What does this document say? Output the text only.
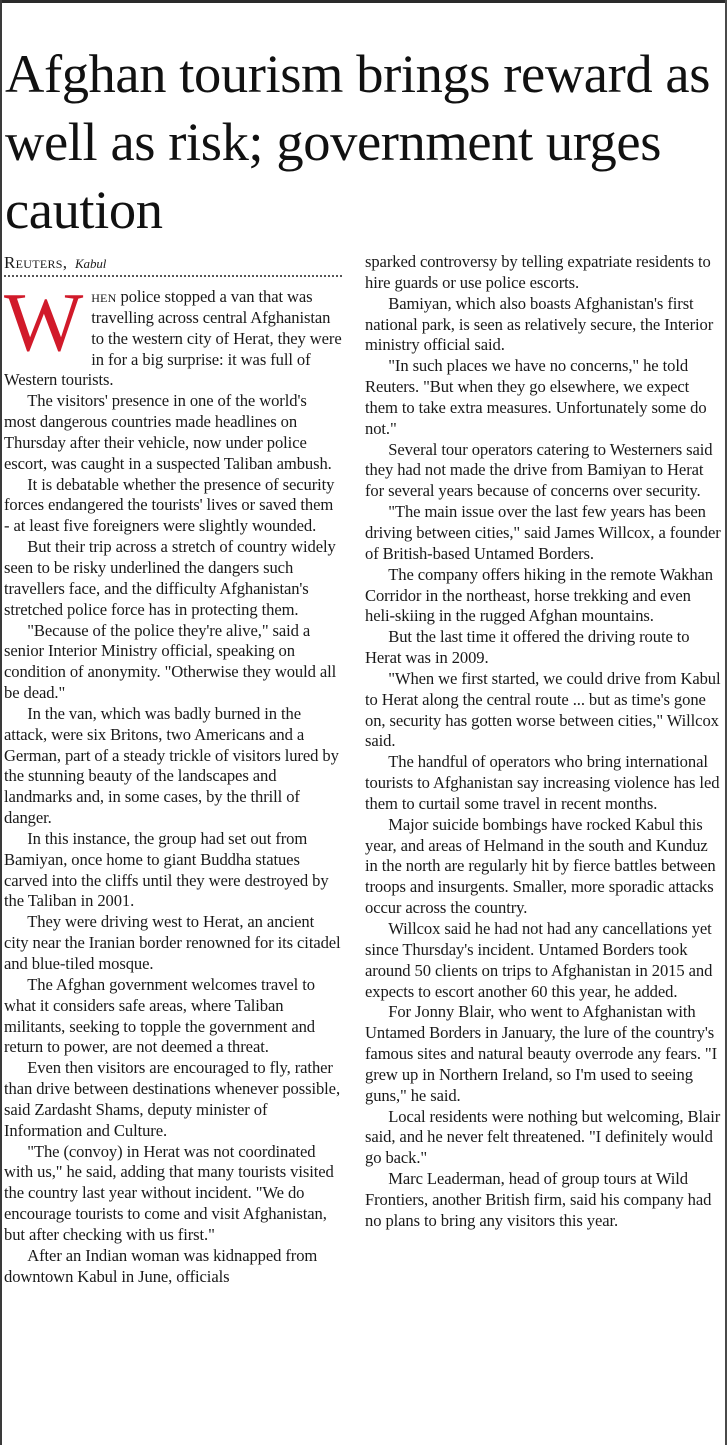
Afghan tourism brings reward as well as risk; government urges caution
Reuters, Kabul

When police stopped a van that was travelling across central Afghanistan to the western city of Herat, they were in for a big surprise: it was full of Western tourists.

The visitors' presence in one of the world's most dangerous countries made headlines on Thursday after their vehicle, now under police escort, was caught in a suspected Taliban ambush.

It is debatable whether the presence of security forces endangered the tourists' lives or saved them - at least five foreigners were slightly wounded.

But their trip across a stretch of country widely seen to be risky underlined the dangers such travellers face, and the difficulty Afghanistan's stretched police force has in protecting them.

"Because of the police they're alive," said a senior Interior Ministry official, speaking on condition of anonymity. "Otherwise they would all be dead."

In the van, which was badly burned in the attack, were six Britons, two Americans and a German, part of a steady trickle of visitors lured by the stunning beauty of the landscapes and landmarks and, in some cases, by the thrill of danger.

In this instance, the group had set out from Bamiyan, once home to giant Buddha statues carved into the cliffs until they were destroyed by the Taliban in 2001.

They were driving west to Herat, an ancient city near the Iranian border renowned for its citadel and blue-tiled mosque.

The Afghan government welcomes travel to what it considers safe areas, where Taliban militants, seeking to topple the government and return to power, are not deemed a threat.

Even then visitors are encouraged to fly, rather than drive between destinations whenever possible, said Zardasht Shams, deputy minister of Information and Culture.

"The (convoy) in Herat was not coordinated with us," he said, adding that many tourists visited the country last year without incident. "We do encourage tourists to come and visit Afghanistan, but after checking with us first."

After an Indian woman was kidnapped from downtown Kabul in June, officials

sparked controversy by telling expatriate residents to hire guards or use police escorts.

Bamiyan, which also boasts Afghanistan's first national park, is seen as relatively secure, the Interior ministry official said.

"In such places we have no concerns," he told Reuters. "But when they go elsewhere, we expect them to take extra measures. Unfortunately some do not."

Several tour operators catering to Westerners said they had not made the drive from Bamiyan to Herat for several years because of concerns over security.

"The main issue over the last few years has been driving between cities," said James Willcox, a founder of British-based Untamed Borders.

The company offers hiking in the remote Wakhan Corridor in the northeast, horse trekking and even heli-skiing in the rugged Afghan mountains.

But the last time it offered the driving route to Herat was in 2009.

"When we first started, we could drive from Kabul to Herat along the central route ... but as time's gone on, security has gotten worse between cities," Willcox said.

The handful of operators who bring international tourists to Afghanistan say increasing violence has led them to curtail some travel in recent months.

Major suicide bombings have rocked Kabul this year, and areas of Helmand in the south and Kunduz in the north are regularly hit by fierce battles between troops and insurgents. Smaller, more sporadic attacks occur across the country.

Willcox said he had not had any cancellations yet since Thursday's incident. Untamed Borders took around 50 clients on trips to Afghanistan in 2015 and expects to escort another 60 this year, he added.

For Jonny Blair, who went to Afghanistan with Untamed Borders in January, the lure of the country's famous sites and natural beauty overrode any fears. "I grew up in Northern Ireland, so I'm used to seeing guns," he said.

Local residents were nothing but welcoming, Blair said, and he never felt threatened. "I definitely would go back."

Marc Leaderman, head of group tours at Wild Frontiers, another British firm, said his company had no plans to bring any visitors this year.
